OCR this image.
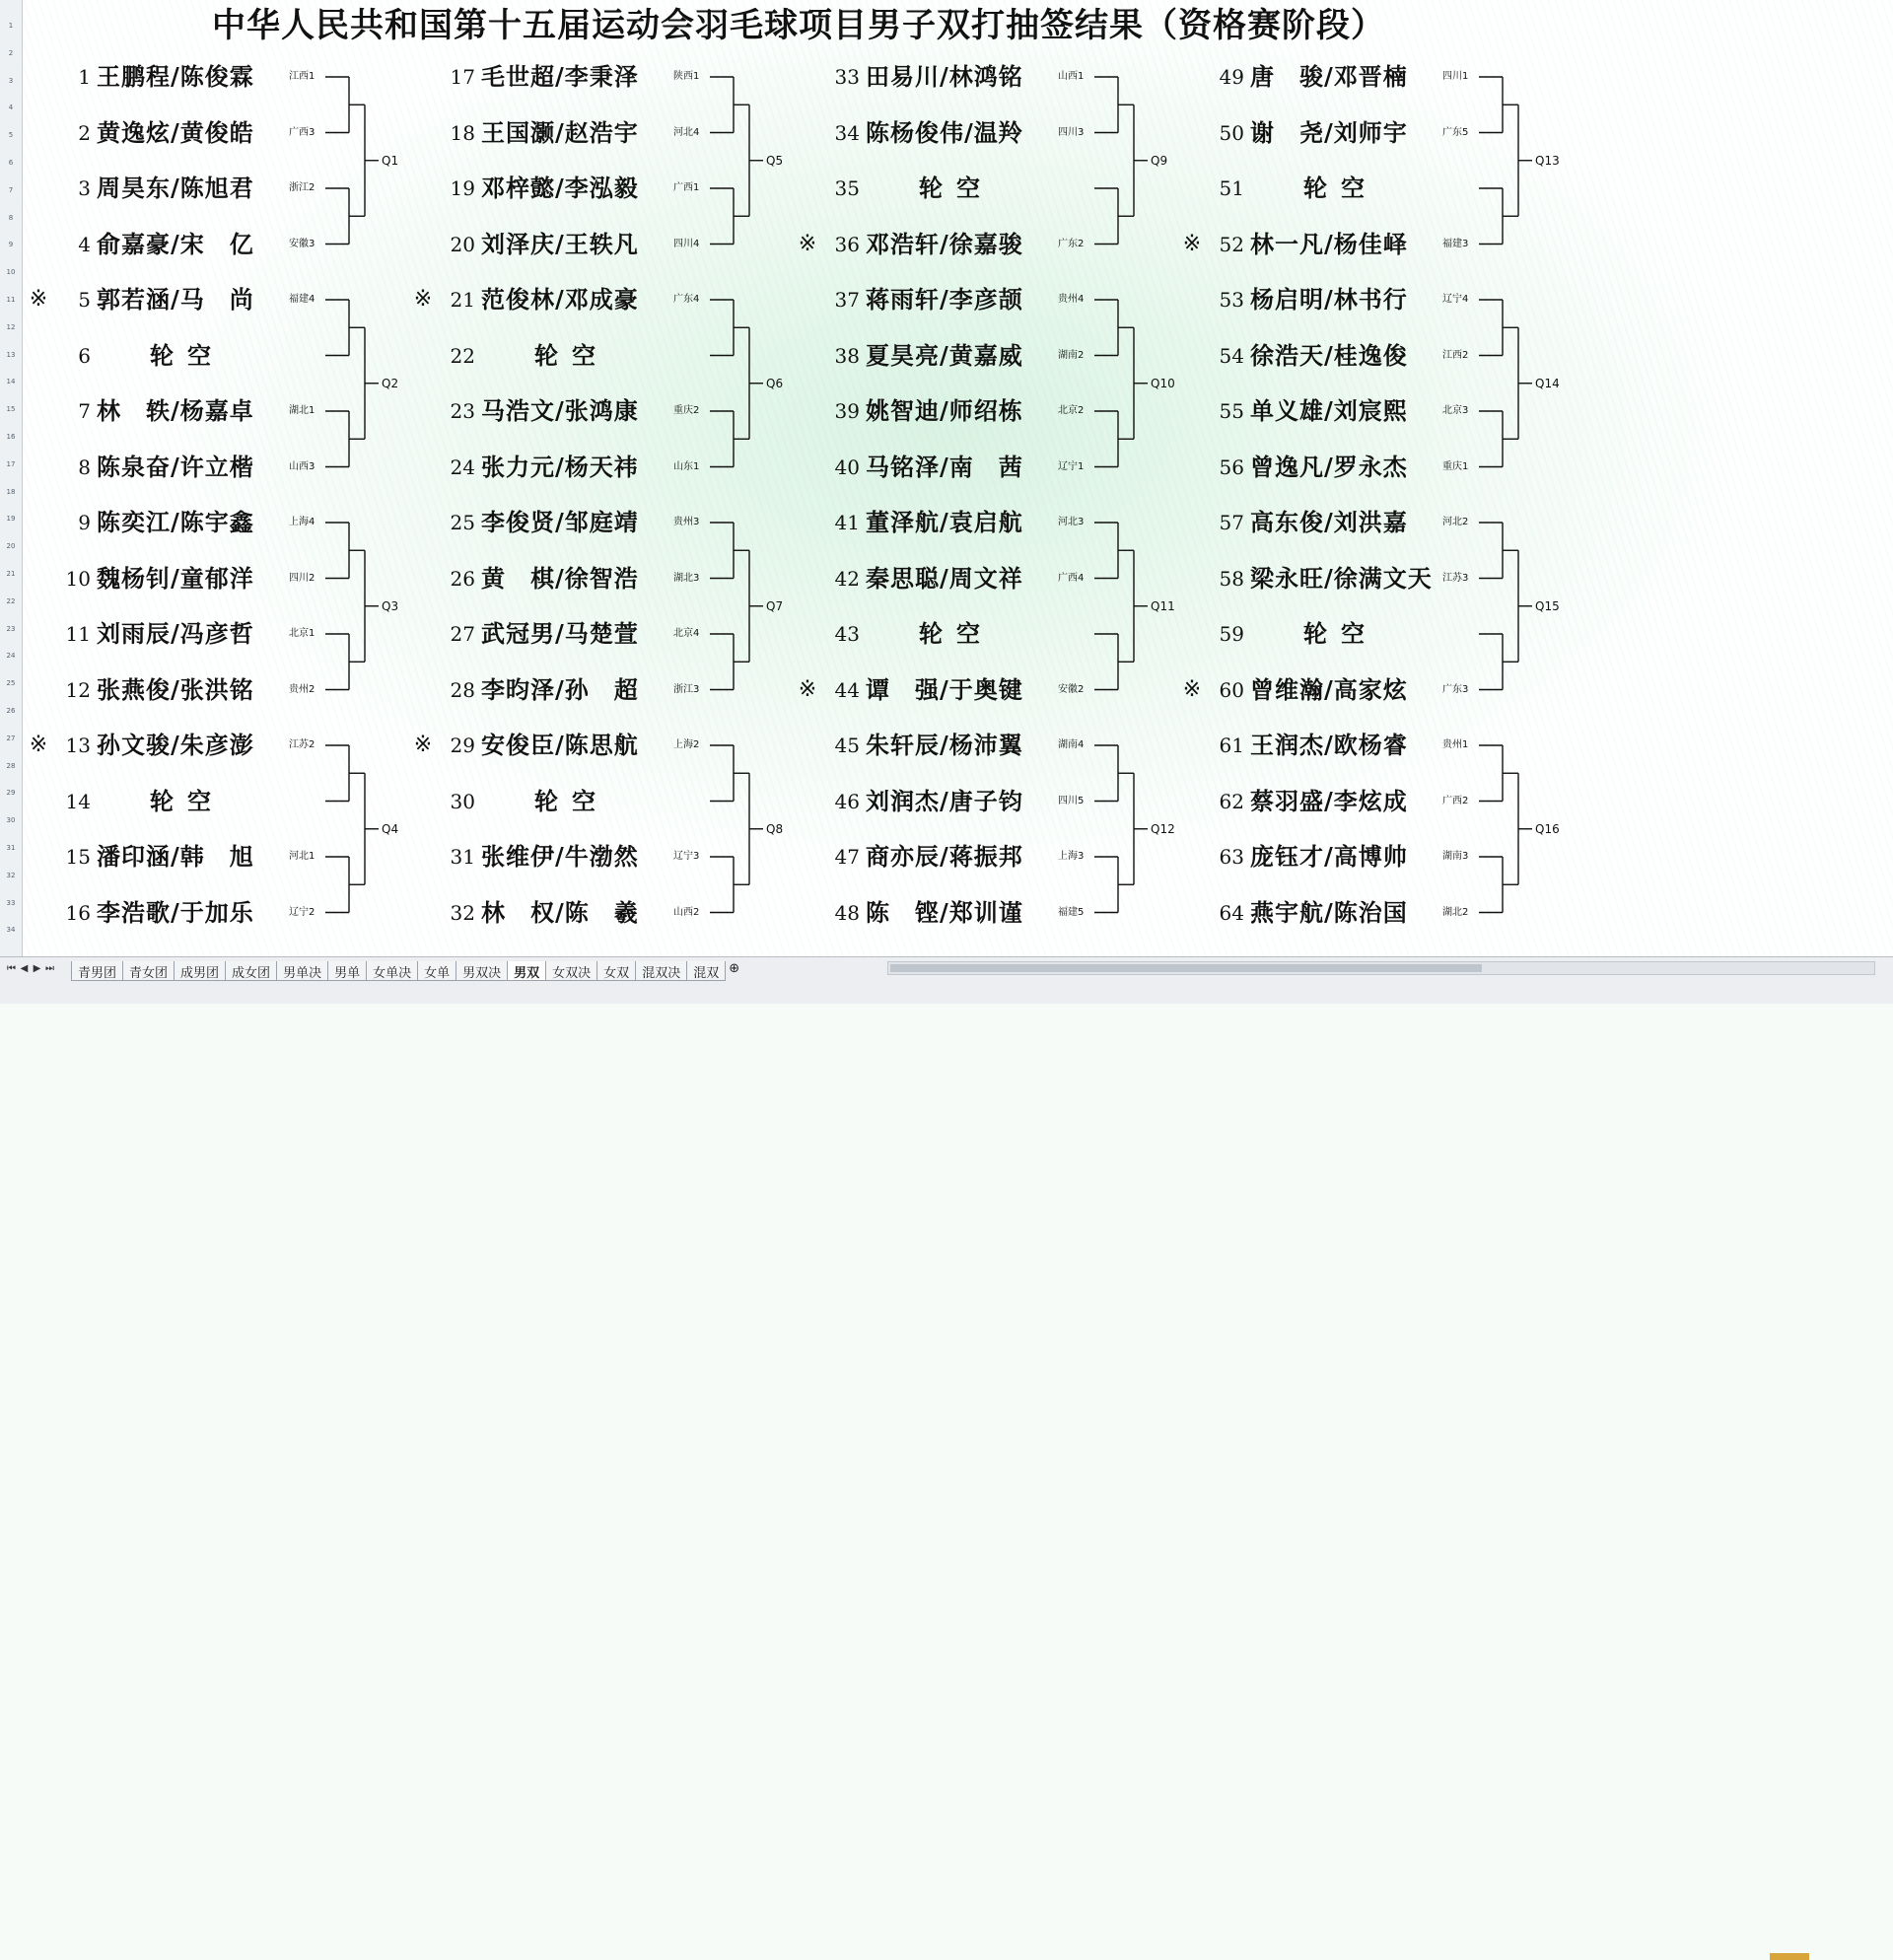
1
2
3
4
5
6
7
8
9
10
11
12
13
14
15
16
17
18
19
20
21
22
23
24
25
26
27
28
29
30
31
32
33
34
中华人民共和国第十五届运动会羽毛球项目男子双打抽签结果（资格赛阶段）
1 王鹏程/陈俊霖	江西1
2 黄逸炫/黄俊皓	广西3
3 周昊东/陈旭君	浙江2
4 俞嘉豪/宋　亿	安徽3
※	5 郭若涵/马　尚	福建4
6	轮空
7 林　轶/杨嘉卓	湖北1
8 陈泉奋/许立楷	山西3
9 陈奕江/陈宇鑫	上海4
10 魏杨钊/童郁洋	四川2
11 刘雨辰/冯彦哲	北京1
12 张燕俊/张洪铭	贵州2
※ 13 孙文骏/朱彦澎	江苏2
14	轮空
15 潘印涵/韩　旭	河北1
16 李浩歌/于加乐	辽宁2
Q1
Q2
Q3
Q4
17 毛世超/李秉泽	陕西1
18 王国灏/赵浩宇	河北4
19 邓梓懿/李泓毅	广西1
20 刘泽庆/王轶凡	四川4
※ 21 范俊林/邓成豪	广东4
22	轮空
23 马浩文/张鸿康	重庆2
24 张力元/杨天祎	山东1
25 李俊贤/邹庭靖	贵州3
26 黄　棋/徐智浩	湖北3
27 武冠男/马楚萱	北京4
28 李昀泽/孙　超	浙江3
※ 29 安俊臣/陈思航	上海2
30	轮空
31 张维伊/牛渤然	辽宁3
32 林　权/陈　羲	山西2
Q5
Q6
Q7
Q8
33 田易川/林鸿铭	山西1
34 陈杨俊伟/温羚	四川3
35	轮空
※ 36 邓浩轩/徐嘉骏	广东2
37 蒋雨轩/李彦颉	贵州4
38 夏昊亮/黄嘉威	湖南2
39 姚智迪/师绍栋	北京2
40 马铭泽/南　茜	辽宁1
41 董泽航/袁启航	河北3
42 秦思聪/周文祥	广西4
43	轮空
※ 44 谭　强/于奥键	安徽2
45 朱轩辰/杨沛翼	湖南4
46 刘润杰/唐子钧	四川5
47 商亦辰/蒋振邦	上海3
48 陈　铿/郑训谨	福建5
Q9
Q10
Q11
Q12
49 唐　骏/邓晋楠	四川1
50 谢　尧/刘师宇	广东5
51	轮空
※ 52 林一凡/杨佳峄	福建3
53 杨启明/林书行	辽宁4
54 徐浩天/桂逸俊	江西2
55 单义雄/刘宸熙	北京3
56 曾逸凡/罗永杰	重庆1
57 高东俊/刘洪嘉	河北2
58 梁永旺/徐满文天	江苏3
59	轮空
※ 60 曾维瀚/高家炫	广东3
61 王润杰/欧杨睿	贵州1
62 蔡羽盛/李炫成	广西2
63 庞钰才/高博帅	湖南3
64 燕宇航/陈治国	湖北2
Q13
Q14
Q15
Q16
⏮ ◀ ▶ ⏭	青男团	青女团	成男团	成女团	男单决	男单	女单决	女单	男双决	男双	女双决	女双	混双决	混双 ⊕
